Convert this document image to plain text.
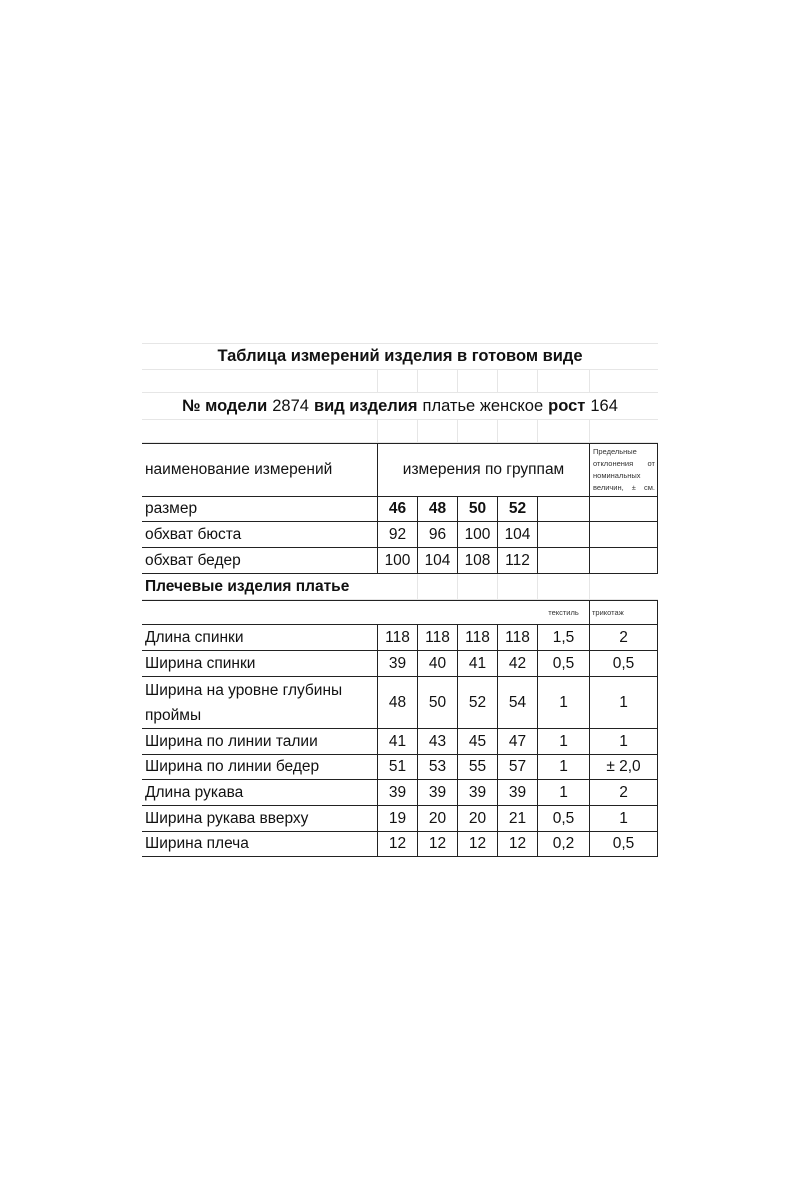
Таблица измерений изделия в готовом виде
№ модели 2874 вид изделия платье женское рост 164
наименование измерений	измерения по группам
Предельные
отклонения от
номинальных
величин, ± см.
размер	46	48	50	52
обхват бюста	92	96	100 104
обхват бедер	100 104 108 112
Плечевые изделия платье
текстиль	трикотаж
Длина спинки	118 118 118 118	1,5	2
Ширина спинки	39	40	41	42	0,5	0,5
Ширина на уровне глубины проймы
48	50	52	54	1	1
Ширина по линии талии	41	43	45	47	1	1
Ширина по линии бедер	51	53	55	57	1	± 2,0
Длина рукава	39	39	39	39	1	2
Ширина рукава вверху	19	20	20	21	0,5	1
Ширина плеча	12	12	12	12	0,2	0,5
